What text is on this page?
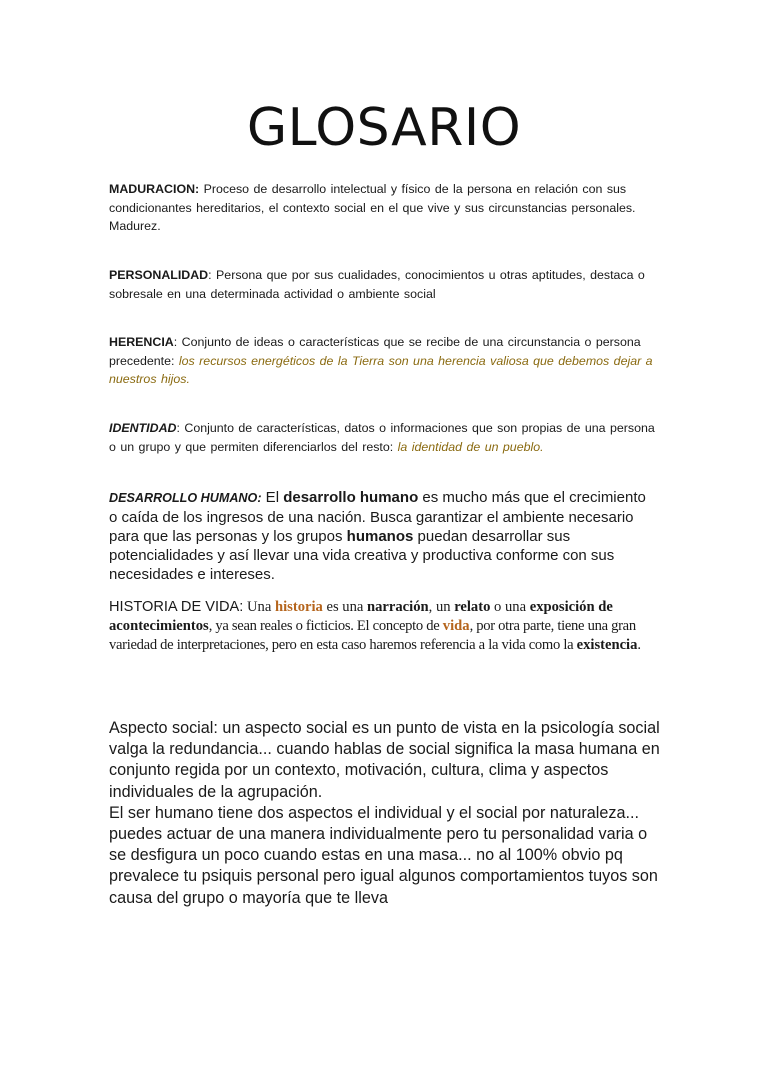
GLOSARIO

MADURACION: Proceso de desarrollo intelectual y físico de la persona en relación con sus condicionantes hereditarios, el contexto social en el que vive y sus circunstancias personales. Madurez.

PERSONALIDAD: Persona que por sus cualidades, conocimientos u otras aptitudes, destaca o sobresale en una determinada actividad o ambiente social

HERENCIA: Conjunto de ideas o características que se recibe de una circunstancia o persona precedente: los recursos energéticos de la Tierra son una herencia valiosa que debemos dejar a nuestros hijos.

IDENTIDAD: Conjunto de características, datos o informaciones que son propias de una persona o un grupo y que permiten diferenciarlos del resto: la identidad de un pueblo.

DESARROLLO HUMANO: El desarrollo humano es mucho más que el crecimiento o caída de los ingresos de una nación. Busca garantizar el ambiente necesario para que las personas y los grupos humanos puedan desarrollar sus potencialidades y así llevar una vida creativa y productiva conforme con sus necesidades e intereses.

HISTORIA DE VIDA: Una historia es una narración, un relato o una exposición de acontecimientos, ya sean reales o ficticios. El concepto de vida, por otra parte, tiene una gran variedad de interpretaciones, pero en esta caso haremos referencia a la vida como la existencia.

Aspecto social: un aspecto social es un punto de vista en la psicología social valga la redundancia... cuando hablas de social significa la masa humana en conjunto regida por un contexto, motivación, cultura, clima y aspectos individuales de la agrupación.

El ser humano tiene dos aspectos el individual y el social por naturaleza... puedes actuar de una manera individualmente pero tu personalidad varia o se desfigura un poco cuando estas en una masa... no al 100% obvio pq prevalece tu psiquis personal pero igual algunos comportamientos tuyos son causa del grupo o mayoría que te lleva
